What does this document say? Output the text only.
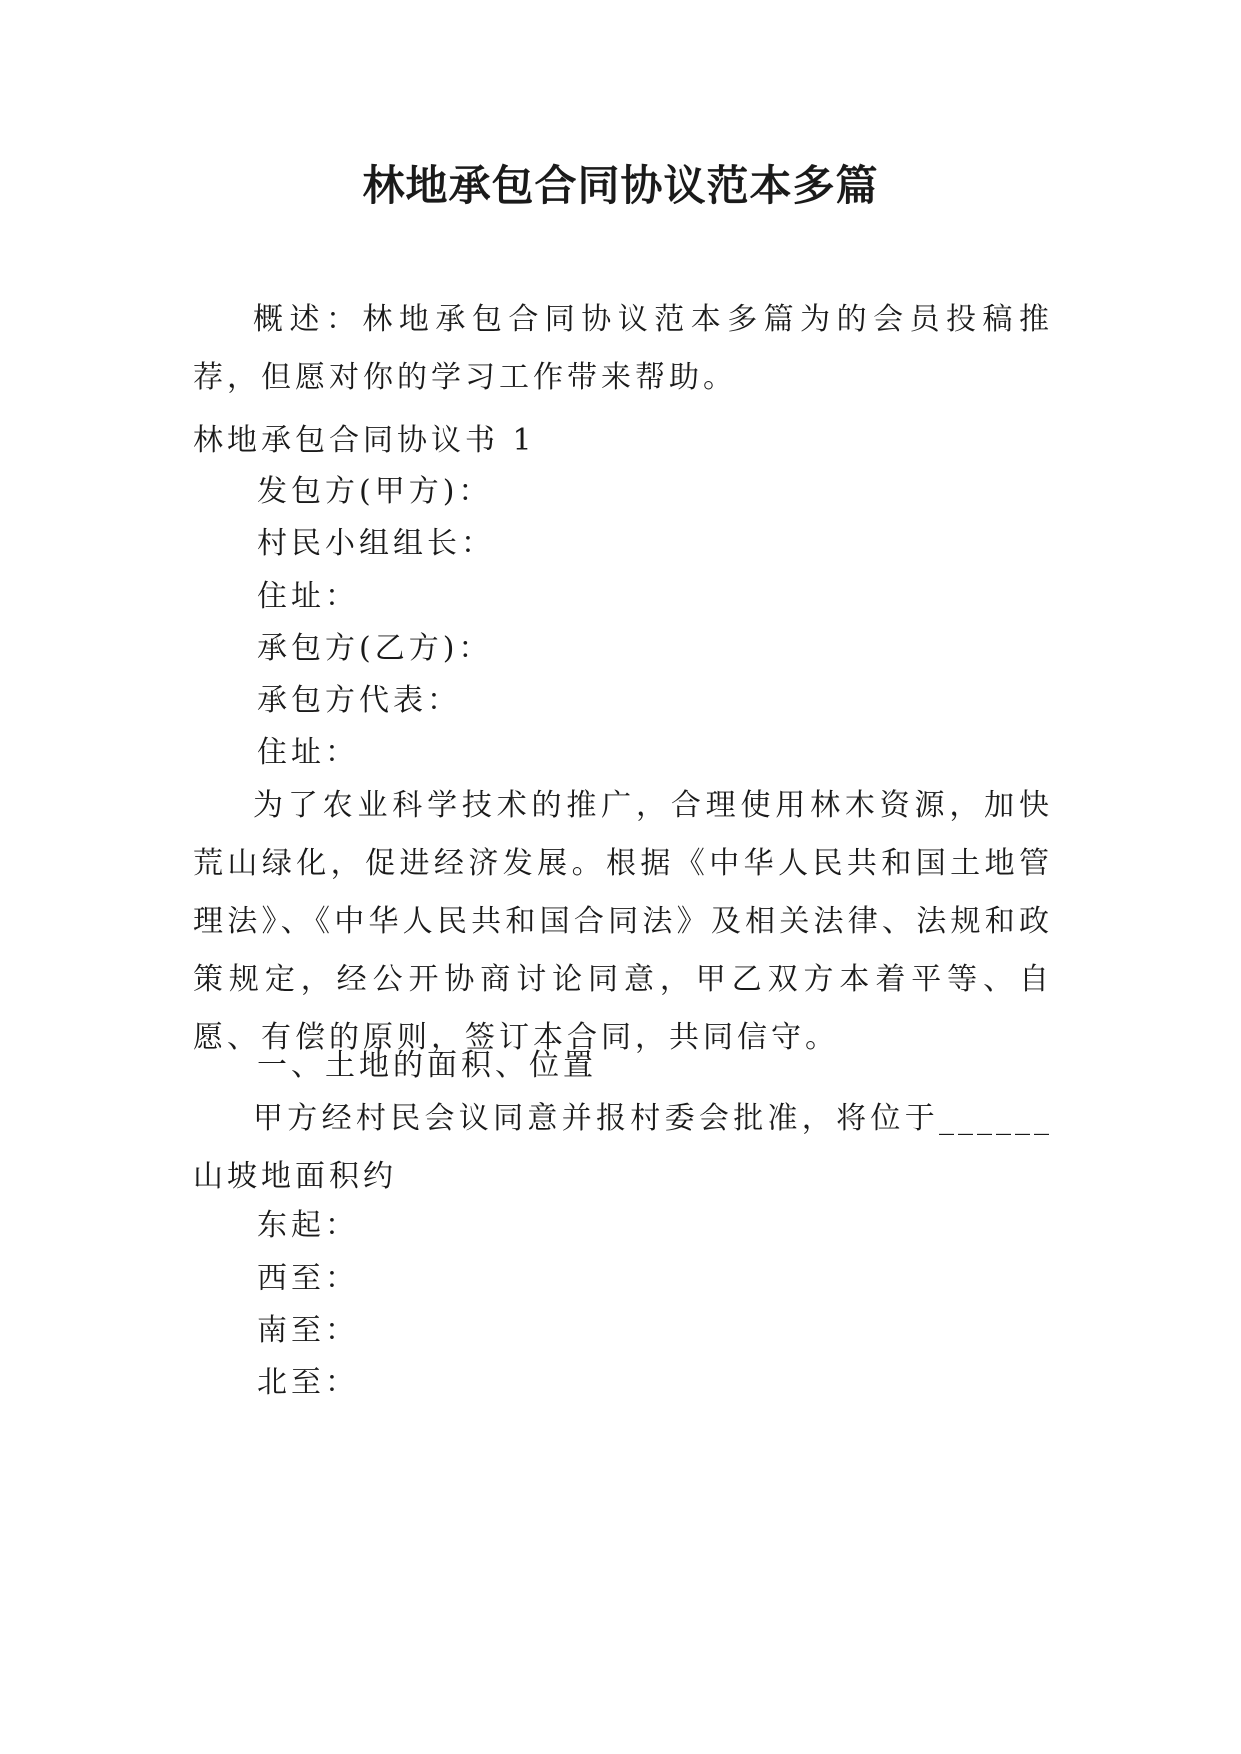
林地承包合同协议范本多篇

概述：林地承包合同协议范本多篇为的会员投稿推荐，但愿对你的学习工作带来帮助。

林地承包合同协议书 1
发包方(甲方)：
村民小组组长：
住址：
承包方(乙方)：
承包方代表：
住址：

为了农业科学技术的推广，合理使用林木资源，加快荒山绿化，促进经济发展。根据《中华人民共和国土地管理法》、《中华人民共和国合同法》及相关法律、法规和政策规定，经公开协商讨论同意，甲乙双方本着平等、自愿、有偿的原则，签订本合同，共同信守。

一、土地的面积、位置

甲方经村民会议同意并报村委会批准，将位于______山坡地面积约

东起：
西至：
南至：
北至：
